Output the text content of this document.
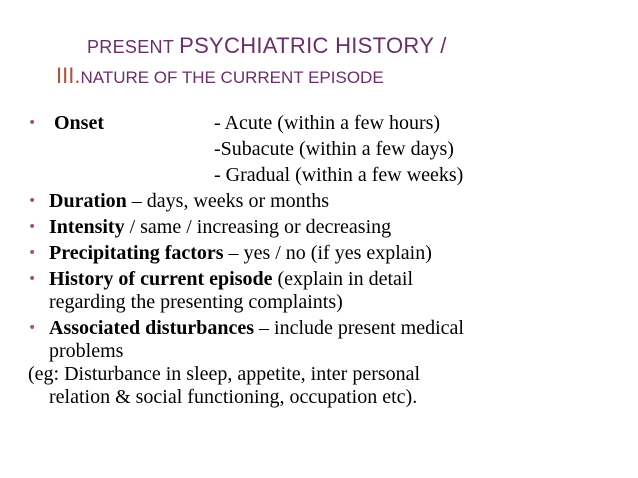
PRESENT PSYCHIATRIC HISTORY /
III.NATURE OF THE CURRENT EPISODE
• Onset	- Acute (within a few hours)
-Subacute (within a few days)
- Gradual (within a few weeks)
• Duration – days, weeks or months
• Intensity / same / increasing or decreasing
• Precipitating factors – yes / no (if yes explain)
• History of current episode (explain in detail
regarding the presenting complaints)
• Associated disturbances – include present medical
problems
(eg: Disturbance in sleep, appetite, inter personal
relation & social functioning, occupation etc).
